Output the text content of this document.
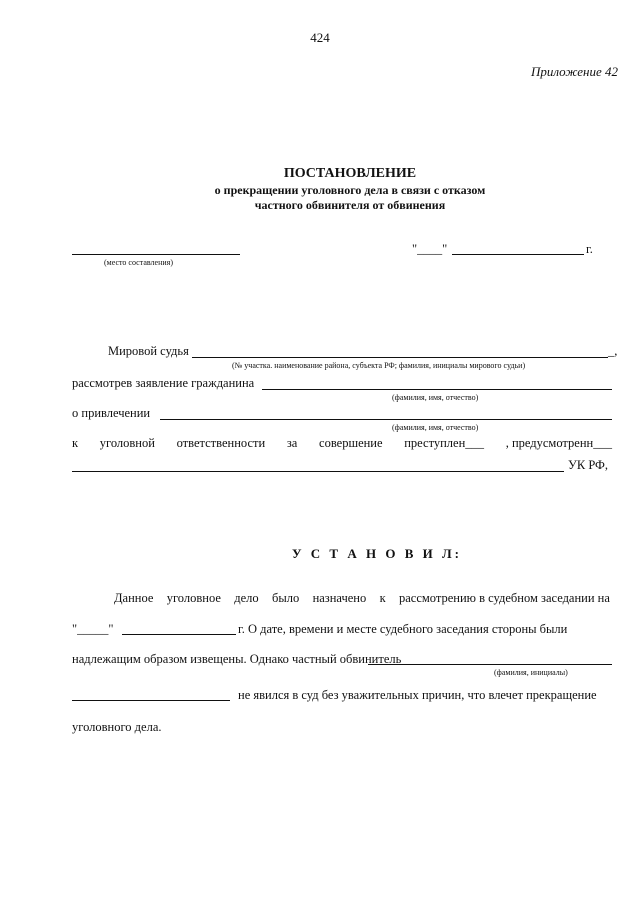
424
Приложение 42
ПОСТАНОВЛЕНИЕ
о прекращении уголовного дела в связи с отказом
частного обвинителя от обвинения
(место составления)
"____"	г.
Мировой судья	_,
(№ участка. наименование района, субъекта РФ; фамилия, инициалы мирового судьи)
рассмотрев заявление гражданина
(фамилия, имя, отчество)
о привлечении
(фамилия, имя, отчество)
к уголовной ответственности за совершение преступлен___ , предусмотренн___
УК РФ,
У С Т А Н О В И Л:
Данное уголовное дело было назначено к рассмотрению в судебном заседании на
"_____"	г. О дате, времени и месте судебного заседания стороны были
надлежащим образом извещены. Однако частный обвинитель
(фамилия, инициалы)
не явился в суд без уважительных причин, что влечет прекращение
уголовного дела.
